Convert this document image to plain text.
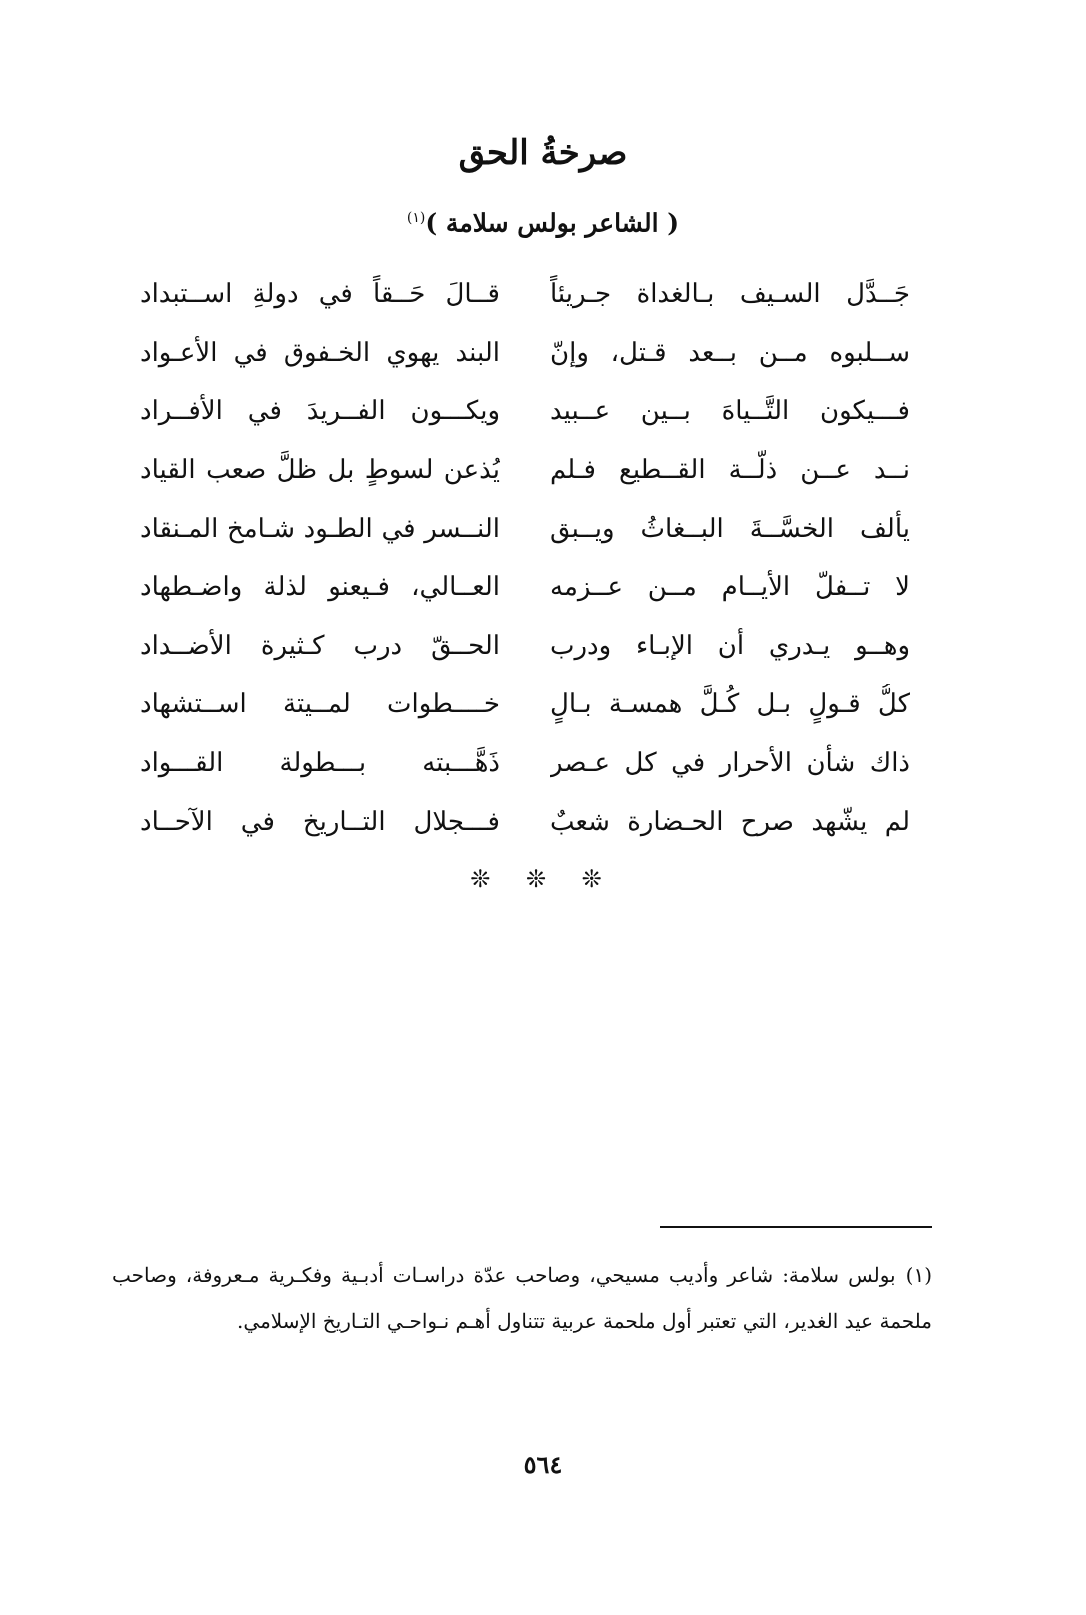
صرخةُ الحق
( الشاعر بولس سلامة )$^{(١)}$
جَــدَّل السـيف بـالغداة جـريئاً
قــالَ حَــقاً في دولةِ اســتبداد
ســلبوه مــن بــعد قـتل، وإنّ
البند يهوي الخـفوق في الأعـواد
فـــيكون التَّــياهَ بــين عــبيد
ويكـــون الفــريدَ في الأفــراد
نــد عــن ذلّــة القــطيع فـلم
يُذعن لسوطٍ بل ظلَّ صعب القياد
يألف الخسَّــةَ البــغاثُ ويــبق
النــسر في الطـود شـامخ المـنقاد
لا تــفلّ الأيــام مــن عــزمه
العــالي، فـيعنو لذلة واضـطهاد
وهــو يـدري أن الإبـاء ودرب
الحــقّ درب كـثيرة الأضــداد
كلُّ قـولٍ بـل كُـلَّ همسـة بـالٍ
خــــطوات لمــيتة اســتشهاد
ذاك شأن الأحرار في كل عـصر
ذَهَّـــبته بـــطولة القـــواد
لم يشّهد صرح الحـضارة شعبٌ
فـــجلال التــاريخ في الآحــاد
❊ ❊ ❊
(١)بولس سلامة: شاعر وأديب مسيحي، وصاحب عدّة دراسـات أدبـية وفكـرية مـعروفة، وصاحب ملحمة عيد الغدير، التي تعتبر أول ملحمة عربية تتناول أهـم نـواحـي التـاريخ الإسلامي.
٥٦٤
